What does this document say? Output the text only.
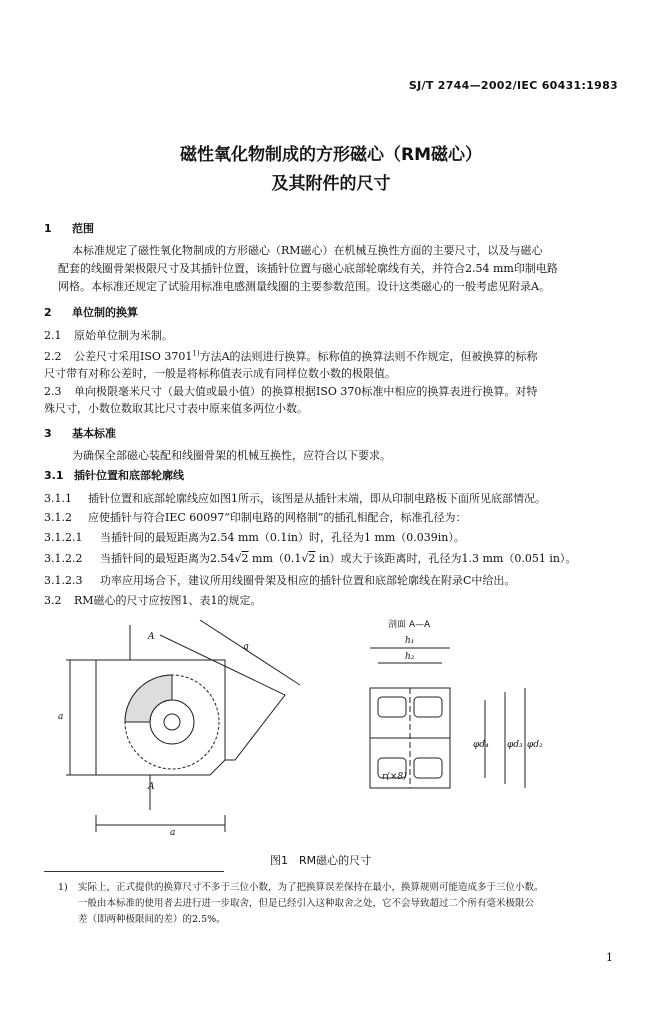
SJ/T 2744—2002/IEC 60431:1983
磁性氧化物制成的方形磁心（RM磁心）
及其附件的尺寸
1 范围
本标准规定了磁性氧化物制成的方形磁心（RM磁心）在机械互换性方面的主要尺寸，以及与磁心
配套的线圈骨架极限尺寸及其插针位置，该插针位置与磁心底部轮廓线有关，并符合2.54 mm印制电路
网格。本标准还规定了试验用标准电感测量线圈的主要参数范围。设计这类磁心的一般考虑见附录A。
2 单位制的换算
2.1 原始单位制为米制。
2.2 公差尺寸采用ISO 3701$^{1)}$方法A的法则进行换算。标称值的换算法则不作规定，但被换算的标称
尺寸带有对称公差时，一般是将标称值表示成有同样位数小数的极限值。
2.3 单向极限毫米尺寸（最大值或最小值）的换算根据ISO 370标准中相应的换算表进行换算。对特
殊尺寸，小数位数取其比尺寸表中原来值多两位小数。
3 基本标准
为确保全部磁心装配和线圈骨架的机械互换性，应符合以下要求。
3.1 插针位置和底部轮廓线
3.1.1 插针位置和底部轮廓线应如图1所示，该图是从插针末端，即从印制电路板下面所见底部情况。
3.1.2 应使插针与符合IEC 60097“印制电路的网格制”的插孔相配合，标准孔径为：
3.1.2.1 当插针间的最短距离为2.54 mm（0.1in）时，孔径为1 mm（0.039in）。
3.1.2.2 当插针间的最短距离为2.54√2 mm（0.1√2 in）或大于该距离时，孔径为1.3 mm（0.051 in）。
3.1.2.3 功率应用场合下，建议所用线圈骨架及相应的插针位置和底部轮廓线在附录C中给出。
3.2 RM磁心的尺寸应按图1、表1的规定。
A
A
q
a
a
剖面 A—A
h₁
h₂
φd₄ φd₃ φd₂
r(×8)
图1　RM磁心的尺寸
1) 实际上，正式提供的换算尺寸不多于三位小数，为了把换算误差保持在最小，换算规则可能造成多于三位小数。
一般由本标准的使用者去进行进一步取舍，但是已经引入这种取舍之处，它不会导致超过二个所有毫米极限公
差（即两种极限间的差）的2.5%。
1
